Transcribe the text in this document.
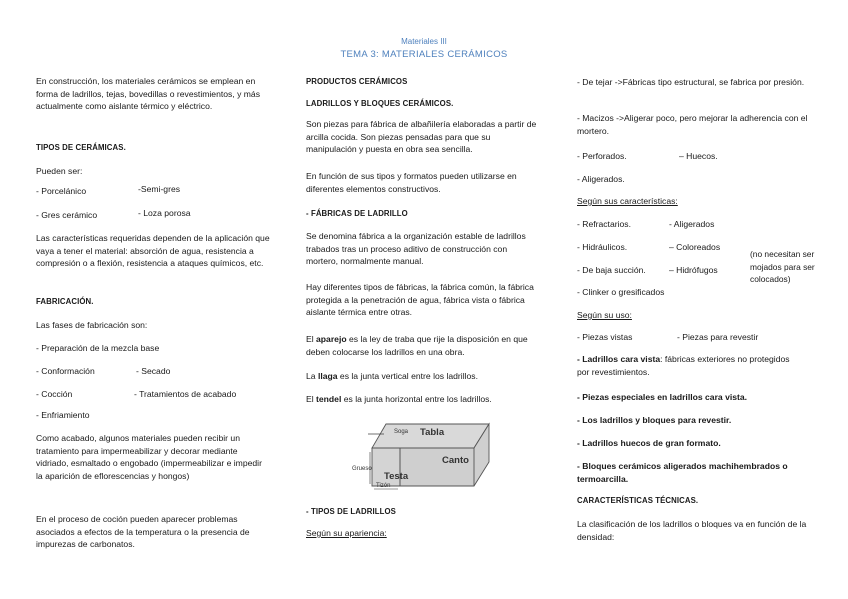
Materiales III
TEMA 3: MATERIALES CERÁMICOS

En construcción, los materiales cerámicos se emplean en forma de ladrillos, tejas, bovedillas o revestimientos, y más actualmente como aislante térmico y eléctrico.

TIPOS DE CERÁMICAS.

Pueden ser:

- Porcelánico	-Semi-gres

- Gres cerámico	- Loza porosa

Las características requeridas dependen de la aplicación que vaya a tener el material: absorción de agua, resistencia a compresión o a flexión, resistencia a ataques químicos, etc.

FABRICACIÓN.

Las fases de fabricación son:

- Preparación de la mezcla base

- Conformación	- Secado

- Cocción	- Tratamientos de acabado

- Enfriamiento

Como acabado, algunos materiales pueden recibir un tratamiento para impermeabilizar y decorar mediante vidriado, esmaltado o engobado (impermeabilizar e impedir la aparición de eflorescencias y hongos)

En el proceso de coción pueden aparecer problemas asociados a efectos de la temperatura o la presencia de impurezas de carbonatos.

PRODUCTOS CERÁMICOS

LADRILLOS Y BLOQUES CERÁMICOS.

Son piezas para fábrica de albañilería elaboradas a partir de arcilla cocida. Son piezas pensadas para que su manipulación y puesta en obra sea sencilla.

En función de sus tipos y formatos pueden utilizarse en diferentes elementos constructivos.

- FÁBRICAS DE LADRILLO

Se denomina fábrica a la organización estable de ladrillos trabados tras un proceso aditivo de construcción con mortero, normalmente manual.

Hay diferentes tipos de fábricas, la fábrica común, la fábrica protegida a la penetración de agua, fábrica vista o fábrica aislante térmica entre otras.

El aparejo es la ley de traba que rije la disposición en que deben colocarse los ladrillos en una obra.

La llaga es la junta vertical entre los ladrillos.

El tendel es la junta horizontal entre los ladrillos.

Tabla
Canto
Testa
Soga
Tizón
Grueso

- TIPOS DE LADRILLOS

Según su apariencia:

- De tejar ->Fábricas tipo estructural, se fabrica por presión.

- Macizos ->Aligerar poco, pero mejorar la adherencia con el mortero.

- Perforados.	– Huecos.

- Aligerados.

Según sus características:

- Refractarios.	- Aligerados

- Hidráulicos.	– Coloreados

- De baja succión.	– Hidrófugos

(no necesitan ser mojados para ser colocados)

- Clinker o gresificados

Según su uso:

- Piezas vistas	- Piezas para revestir

- Ladrillos cara vista: fábricas exteriores no protegidos por revestimientos.

- Piezas especiales en ladrillos cara vista.

- Los ladrillos y bloques para revestir.

- Ladrillos huecos de gran formato.

- Bloques cerámicos aligerados machihembrados o termoarcilla.

CARACTERÍSTICAS TÉCNICAS.

La clasificación de los ladrillos o bloques va en función de la densidad:
